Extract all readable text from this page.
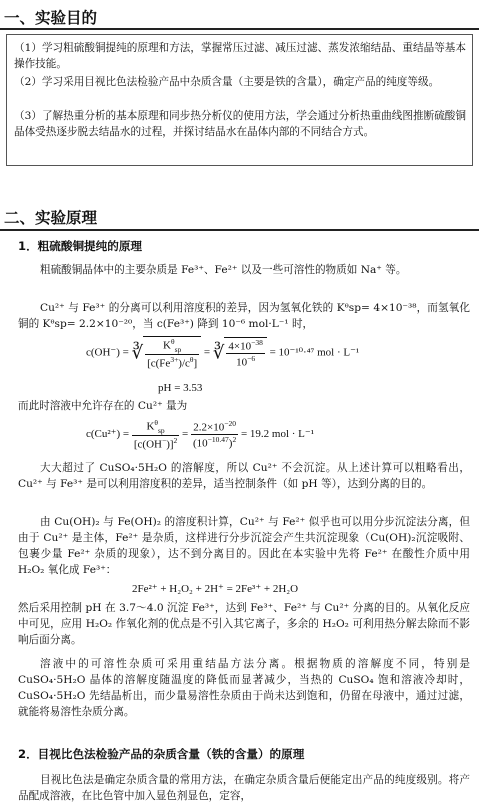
一、实验目的
（1）学习粗硫酸铜提纯的原理和方法，掌握常压过滤、减压过滤、蒸发浓缩结晶、重结晶等基本操作技能。
（2）学习采用目视比色法检验产品中杂质含量（主要是铁的含量），确定产品的纯度等级。
（3）了解热重分析的基本原理和同步热分析仪的使用方法，学会通过分析热重曲线图推断硫酸铜晶体受热逐步脱去结晶水的过程，并探讨结晶水在晶体内部的不同结合方式。
二、实验原理
1．粗硫酸铜提纯的原理
粗硫酸铜晶体中的主要杂质是 Fe³⁺、Fe²⁺ 以及一些可溶性的物质如 Na⁺ 等。
Cu²⁺ 与 Fe³⁺ 的分离可以利用溶度积的差异，因为氢氧化铁的 Kᶿsp= 4×10⁻³⁸，而氢氧化铜的 Kᶿsp= 2.2×10⁻²⁰，当 c(Fe³⁺) 降到 10⁻⁶ mol·L⁻¹ 时，
c(OH⁻) = ∛ $\frac{K^\theta_{sp}}{[c(Fe^{3+})/c^\theta]}$ = ∛ $\frac{4\times 10^{-38}}{10^{-6}} = 10^{-10}\cdot^{47}$ mol · L⁻¹
pH = 3.53
而此时溶液中允许存在的 Cu²⁺ 量为
$c(Cu^{2+}) = \frac{K^\theta_{sp}}{[c(OH^-)]^2} = \frac{2.2\times 10^{-20}}{(10^{-10.47})^2} = 19.2$ mol · L⁻¹
大大超过了 CuSO₄·5H₂O 的溶解度，所以 Cu²⁺ 不会沉淀。从上述计算可以粗略看出，Cu²⁺ 与 Fe³⁺ 是可以利用溶度积的差异，适当控制条件（如 pH 等），达到分离的目的。
由 Cu(OH)₂ 与 Fe(OH)₂ 的溶度积计算，Cu²⁺ 与 Fe²⁺ 似乎也可以用分步沉淀法分离，但由于 Cu²⁺ 是主体，Fe²⁺ 是杂质，这样进行分步沉淀会产生共沉淀现象（Cu(OH)₂沉淀吸附、包裹少量 Fe²⁺ 杂质的现象），达不到分离目的。因此在本实验中先将 Fe²⁺ 在酸性介质中用 H₂O₂ 氧化成 Fe³⁺：
2Fe²⁺ + H₂O₂ + 2H⁺ = 2Fe³⁺ + 2H₂O
然后采用控制 pH 在 3.7～4.0 沉淀 Fe³⁺，达到 Fe³⁺、Fe²⁺ 与 Cu²⁺ 分离的目的。从氧化反应中可见，应用 H₂O₂ 作氧化剂的优点是不引入其它离子，多余的 H₂O₂ 可利用热分解去除而不影响后面分离。
溶液中的可溶性杂质可采用重结晶方法分离。根据物质的溶解度不同，特别是 CuSO₄·5H₂O 晶体的溶解度随温度的降低而显著减少，当热的 CuSO₄ 饱和溶液冷却时，CuSO₄·5H₂O 先结晶析出，而少量易溶性杂质由于尚未达到饱和，仍留在母液中，通过过滤，就能将易溶性杂质分离。
2．目视比色法检验产品的杂质含量（铁的含量）的原理
目视比色法是确定杂质含量的常用方法，在确定杂质含量后便能定出产品的纯度级别。将产品配成溶液，在比色管中加入显色剂显色，定容，
